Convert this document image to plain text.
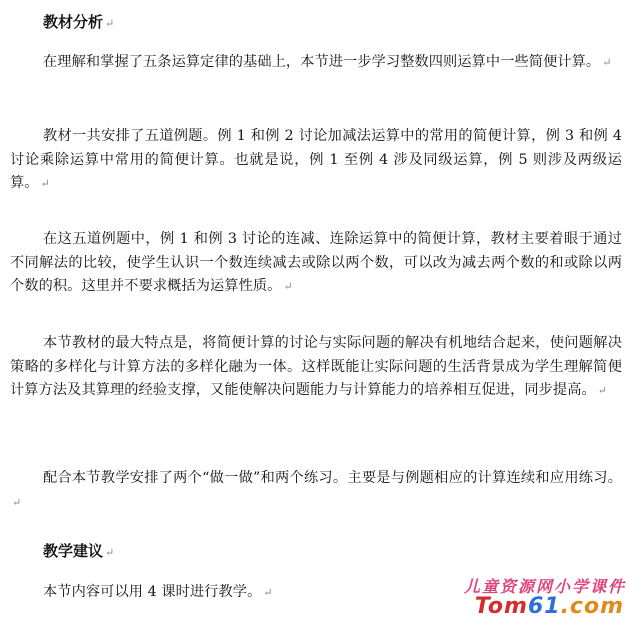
教材分析 ↵

在理解和掌握了五条运算定律的基础上，本节进一步学习整数四则运算中一些简便计算。 ↵

教材一共安排了五道例题。例 1 和例 2 讨论加减法运算中的常用的简便计算，例 3 和例 4 讨论乘除运算中常用的简便计算。也就是说，例 1 至例 4 涉及同级运算，例 5 则涉及两级运算。 ↵

在这五道例题中，例 1 和例 3 讨论的连减、连除运算中的简便计算，教材主要着眼于通过不同解法的比较，使学生认识一个数连续减去或除以两个数，可以改为减去两个数的和或除以两个数的积。这里并不要求概括为运算性质。 ↵

本节教材的最大特点是，将简便计算的讨论与实际问题的解决有机地结合起来，使问题解决策略的多样化与计算方法的多样化融为一体。这样既能让实际问题的生活背景成为学生理解简便计算方法及其算理的经验支撑，又能使解决问题能力与计算能力的培养相互促进，同步提高。 ↵

配合本节教学安排了两个“做一做”和两个练习。主要是与例题相应的计算连续和应用练习。↵

教学建议 ↵

本节内容可以用 4 课时进行教学。 ↵	儿童资源网小学课件
Tom61.com
